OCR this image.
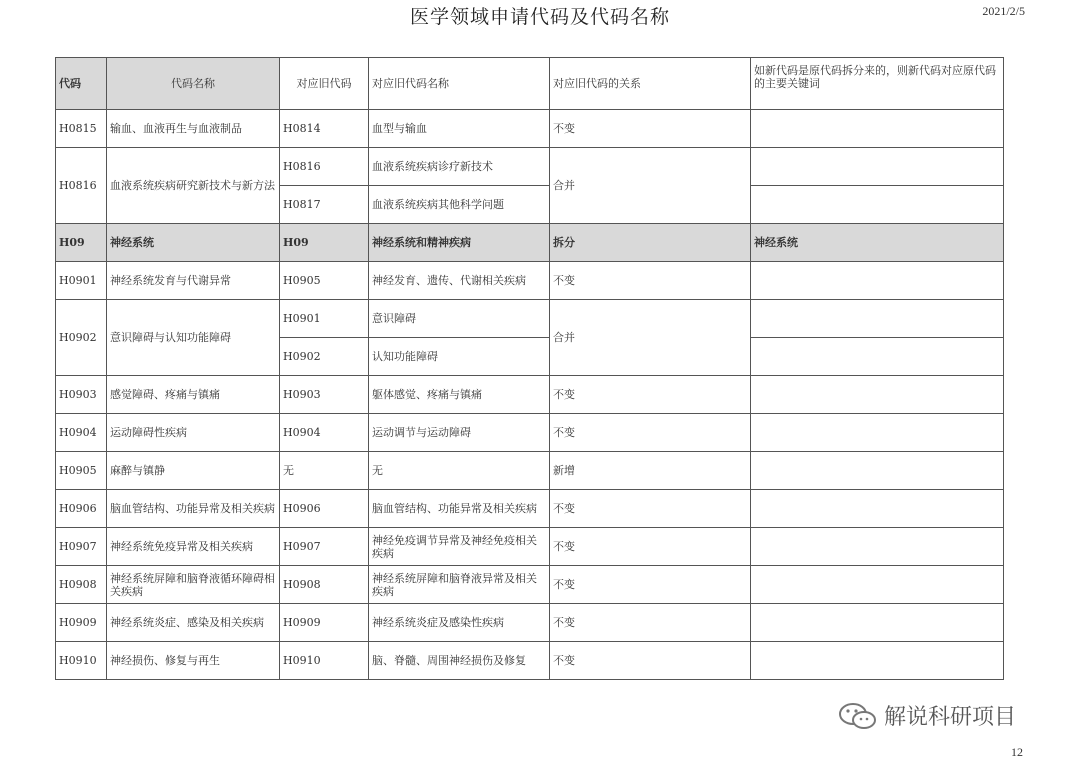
医学领域申请代码及代码名称	2021/2/5
代码	代码名称	对应旧代码	对应旧代码名称	对应旧代码的关系	如新代码是原代码拆分来的，则新代码对应原代码的主要关键词
H0815	输血、血液再生与血液制品	H0814	血型与输血	不变	
H0816	血液系统疾病研究新技术与新方法	H0816	血液系统疾病诊疗新技术	合并	
		H0817	血液系统疾病其他科学问题		
H09	神经系统	H09	神经系统和精神疾病	拆分	神经系统
H0901	神经系统发育与代谢异常	H0905	神经发育、遗传、代谢相关疾病	不变	
H0902	意识障碍与认知功能障碍	H0901	意识障碍	合并	
		H0902	认知功能障碍		
H0903	感觉障碍、疼痛与镇痛	H0903	躯体感觉、疼痛与镇痛	不变	
H0904	运动障碍性疾病	H0904	运动调节与运动障碍	不变	
H0905	麻醉与镇静	无	无	新增	
H0906	脑血管结构、功能异常及相关疾病	H0906	脑血管结构、功能异常及相关疾病	不变	
H0907	神经系统免疫异常及相关疾病	H0907	神经免疫调节异常及神经免疫相关疾病	不变	
H0908	神经系统屏障和脑脊液循环障碍相关疾病	H0908	神经系统屏障和脑脊液异常及相关疾病	不变	
H0909	神经系统炎症、感染及相关疾病	H0909	神经系统炎症及感染性疾病	不变	
H0910	神经损伤、修复与再生	H0910	脑、脊髓、周围神经损伤及修复	不变	
解说科研项目
12
